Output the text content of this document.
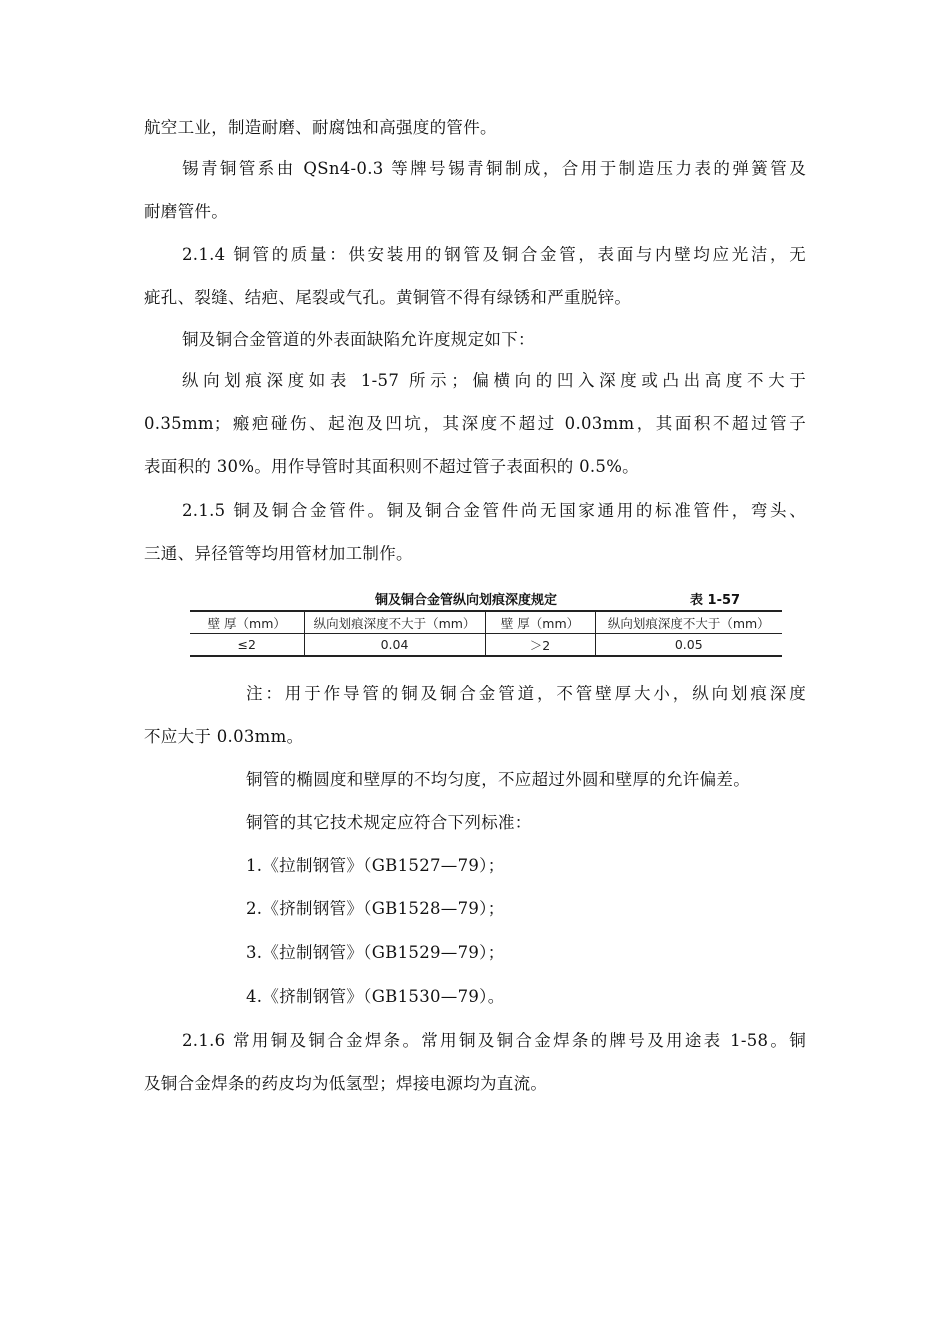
航空工业，制造耐磨、耐腐蚀和高强度的管件。
锡青铜管系由 QSn4-0.3 等牌号锡青铜制成，合用于制造压力表的弹簧管及
耐磨管件。
2.1.4 铜管的质量：供安装用的钢管及铜合金管，表面与内壁均应光洁，无
疵孔、裂缝、结疤、尾裂或气孔。黄铜管不得有绿锈和严重脱锌。
铜及铜合金管道的外表面缺陷允许度规定如下：
纵向划痕深度如表 1-57 所示；偏横向的凹入深度或凸出高度不大于
0.35mm；瘢疤碰伤、起泡及凹坑，其深度不超过 0.03mm，其面积不超过管子
表面积的 30%。用作导管时其面积则不超过管子表面积的 0.5%。
2.1.5 铜及铜合金管件。铜及铜合金管件尚无国家通用的标准管件，弯头、
三通、异径管等均用管材加工制作。
铜及铜合金管纵向划痕深度规定	表 1-57
壁 厚（mm）	纵向划痕深度不大于（mm）	壁 厚（mm）	纵向划痕深度不大于（mm）
≤2	0.04	＞2	0.05
注：用于作导管的铜及铜合金管道，不管壁厚大小，纵向划痕深度
不应大于 0.03mm。
铜管的椭圆度和壁厚的不均匀度，不应超过外圆和壁厚的允许偏差。
铜管的其它技术规定应符合下列标准：
1.《拉制钢管》（GB1527—79）；
2.《挤制钢管》（GB1528—79）；
3.《拉制钢管》（GB1529—79）；
4.《挤制钢管》（GB1530—79）。
2.1.6 常用铜及铜合金焊条。常用铜及铜合金焊条的牌号及用途表 1-58。铜
及铜合金焊条的药皮均为低氢型；焊接电源均为直流。
